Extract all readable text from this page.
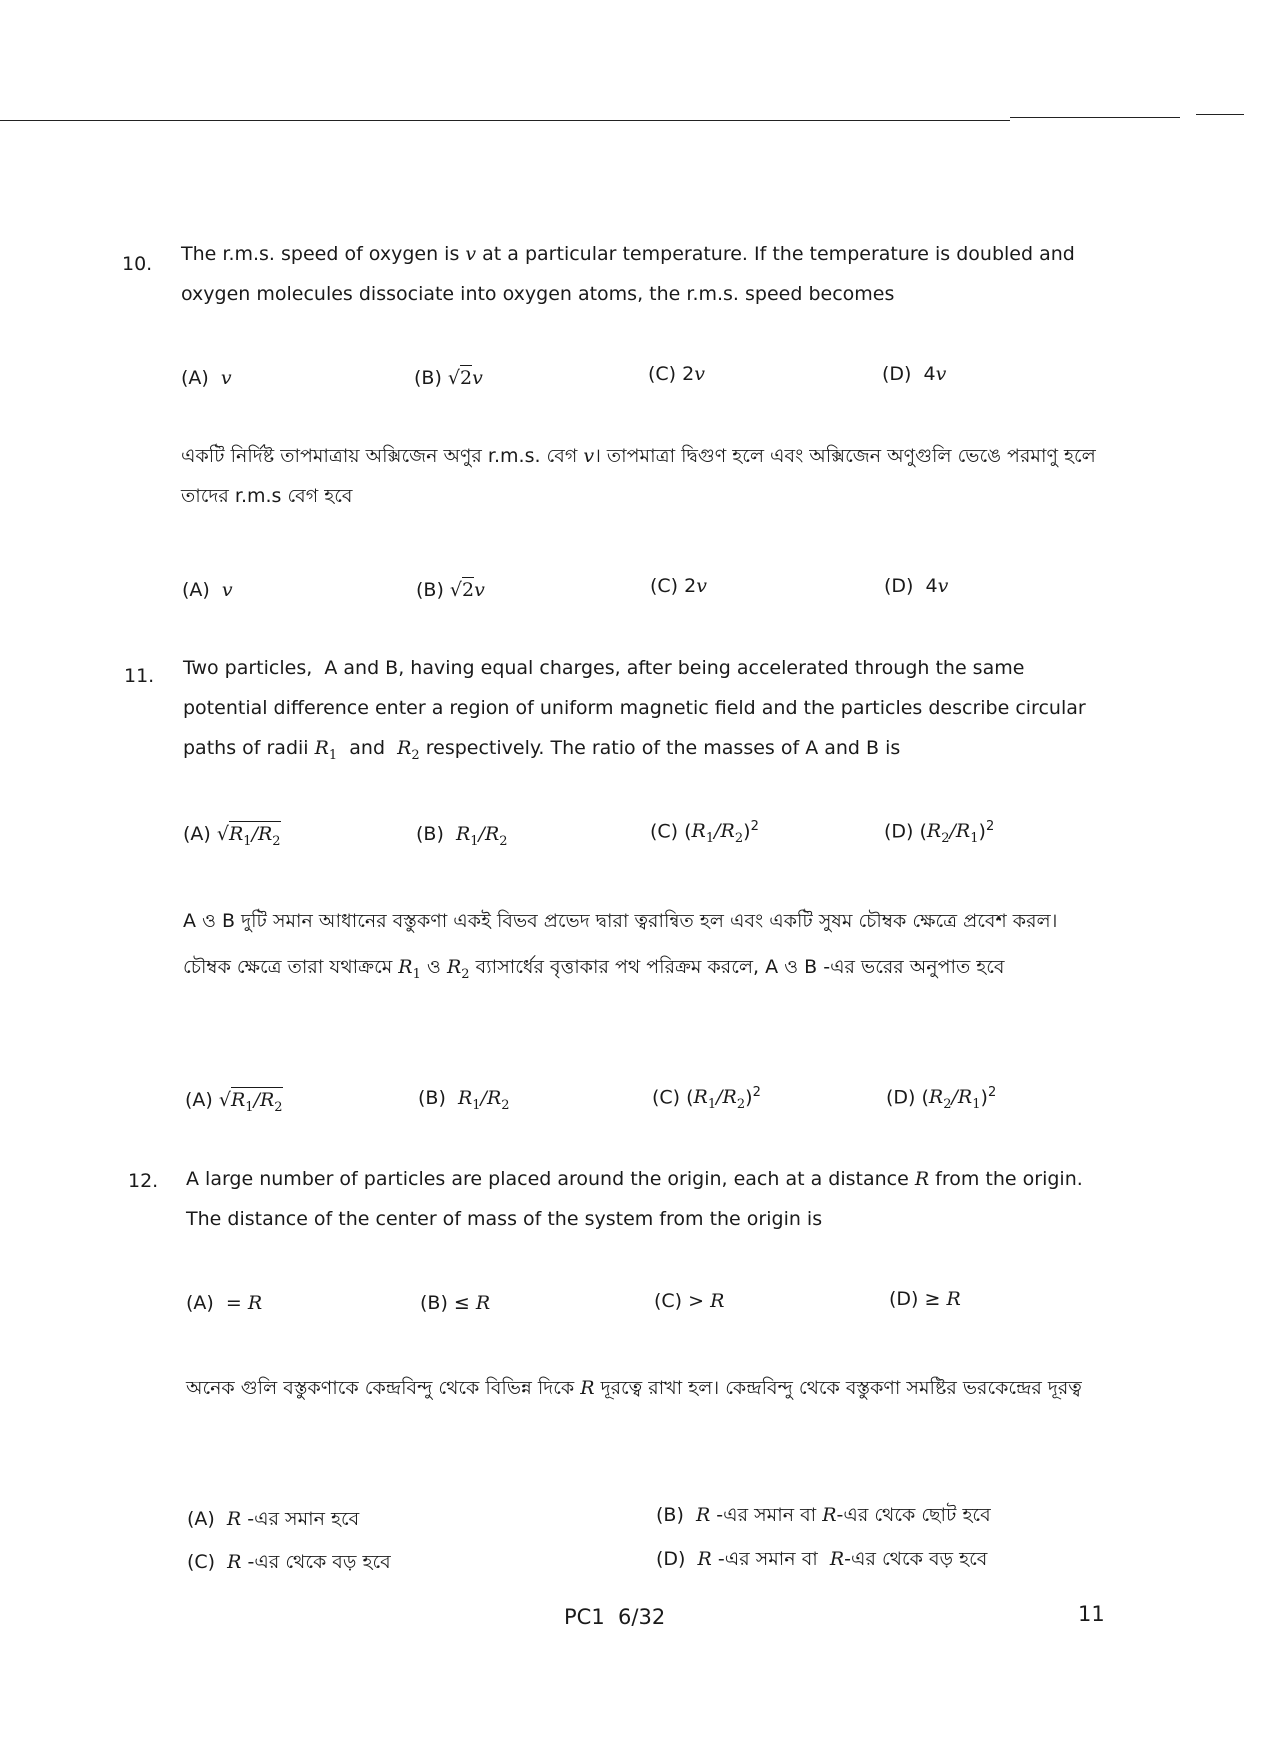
10. The r.m.s. speed of oxygen is v at a particular temperature. If the temperature is doubled and oxygen molecules dissociate into oxygen atoms, the r.m.s. speed becomes
(A)  v	(B) √2v	(C) 2v	(D)  4v
একটি নির্দিষ্ট তাপমাত্রায় অক্সিজেন অণুর r.m.s. বেগ v। তাপমাত্রা দ্বিগুণ হলে এবং অক্সিজেন অণুগুলি ভেঙে পরমাণু হলে তাদের r.m.s বেগ হবে
(A)  v	(B) √2v	(C) 2v	(D)  4v
11. Two particles,  A and B, having equal charges, after being accelerated through the same potential difference enter a region of uniform magnetic field and the particles describe circular paths of radii $R_1$  and  $R_2$ respectively. The ratio of the masses of A and B is
(A) $√R_1/R_2$	(B)  $R_1/R_2$	(C) $(R_1/R_2)^2$	(D) $(R_2/R_1)^2$
A ও B দুটি সমান আধানের বস্তুকণা একই বিভব প্রভেদ দ্বারা ত্বরান্বিত হল এবং একটি সুষম চৌম্বক ক্ষেত্রে প্রবেশ করল। চৌম্বক ক্ষেত্রে তারা যথাক্রমে $R_1$ ও $R_2$ ব্যাসার্ধের বৃত্তাকার পথ পরিক্রম করলে, A ও B -এর ভরের অনুপাত হবে
(A) $√R_1/R_2$	(B)  $R_1/R_2$	(C) $(R_1/R_2)^2$	(D) $(R_2/R_1)^2$
12. A large number of particles are placed around the origin, each at a distance R from the origin. The distance of the center of mass of the system from the origin is
(A)  = R	(B) ≤ R	(C) > R	(D) ≥ R
অনেক গুলি বস্তুকণাকে কেন্দ্রবিন্দু থেকে বিভিন্ন দিকে R দূরত্বে রাখা হল। কেন্দ্রবিন্দু থেকে বস্তুকণা সমষ্টির ভরকেন্দ্রের দূরত্ব
(A)  R -এর সমান হবে	(B)  R -এর সমান বা R-এর থেকে ছোট হবে
(C)  R -এর থেকে বড় হবে	(D)  R -এর সমান বা  R-এর থেকে বড় হবে
PC1 6/32	11
